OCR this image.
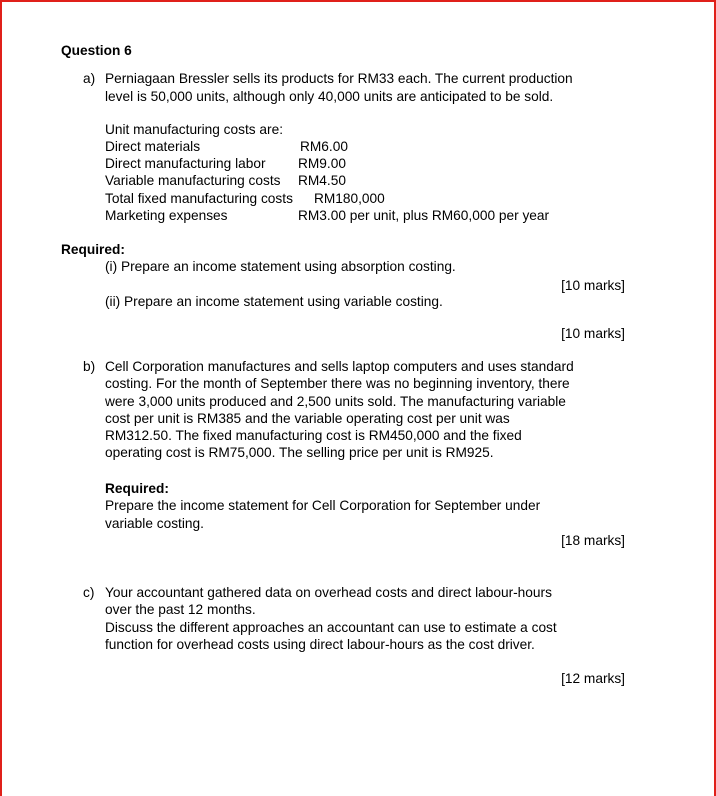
Question 6
a) Perniagaan Bressler sells its products for RM33 each. The current production
level is 50,000 units, although only 40,000 units are anticipated to be sold.
Unit manufacturing costs are:
Direct materials	RM6.00
Direct manufacturing labor RM9.00
Variable manufacturing costs RM4.50
Total fixed manufacturing costs RM180,000
Marketing expenses	RM3.00 per unit, plus RM60,000 per year
Required:
(i) Prepare an income statement using absorption costing.
[10 marks]
(ii) Prepare an income statement using variable costing.
[10 marks]
b) Cell Corporation manufactures and sells laptop computers and uses standard
costing. For the month of September there was no beginning inventory, there
were 3,000 units produced and 2,500 units sold. The manufacturing variable
cost per unit is RM385 and the variable operating cost per unit was
RM312.50. The fixed manufacturing cost is RM450,000 and the fixed
operating cost is RM75,000. The selling price per unit is RM925.
Required:
Prepare the income statement for Cell Corporation for September under
variable costing.
[18 marks]
c) Your accountant gathered data on overhead costs and direct labour-hours
over the past 12 months.
Discuss the different approaches an accountant can use to estimate a cost
function for overhead costs using direct labour-hours as the cost driver.
[12 marks]
